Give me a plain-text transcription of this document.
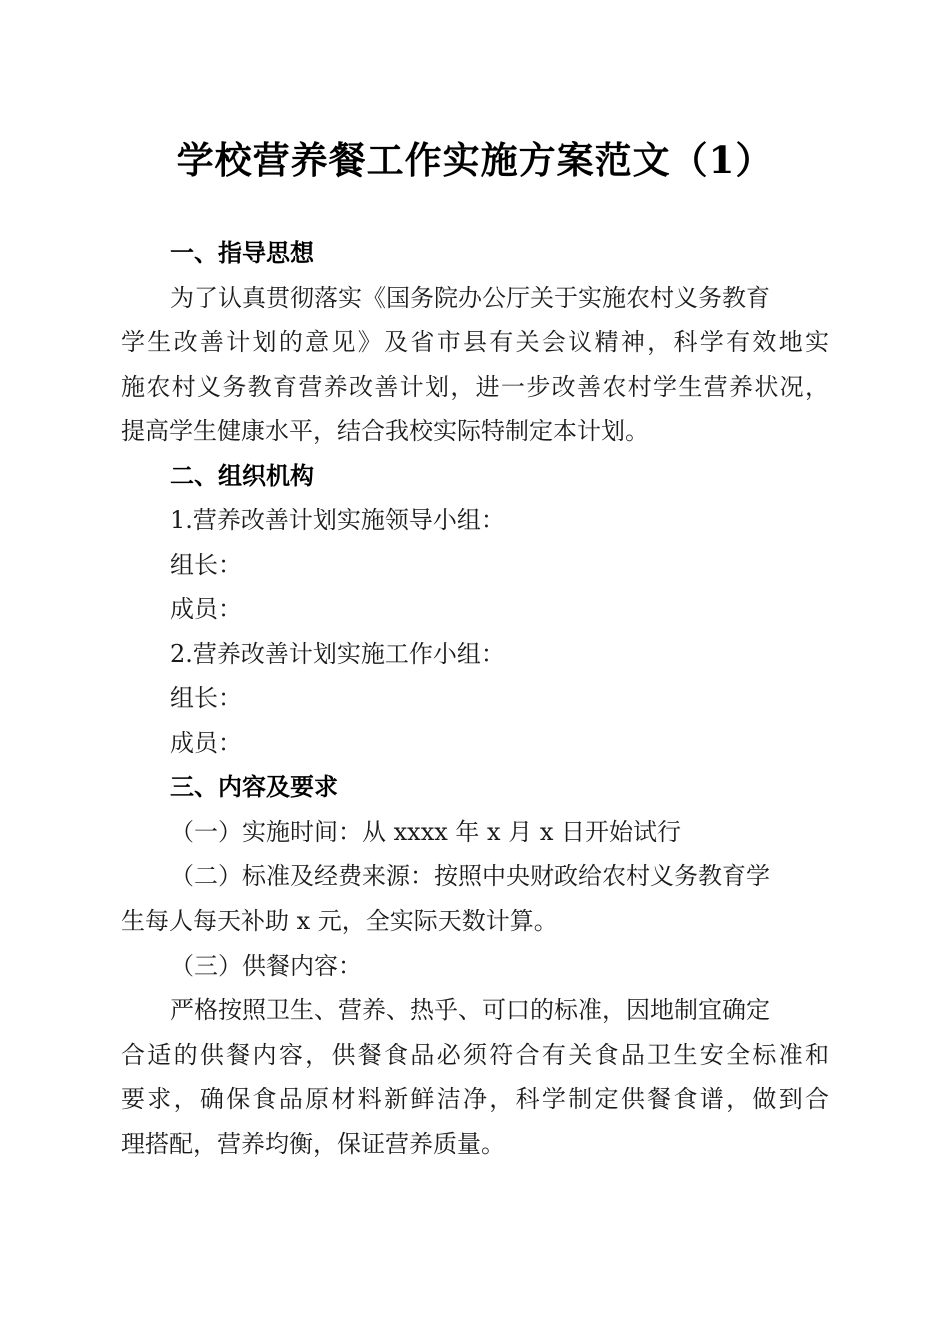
学校营养餐工作实施方案范文（1）
一、指导思想
为了认真贯彻落实《国务院办公厅关于实施农村义务教育
学生改善计划的意见》及省市县有关会议精神，科学有效地实
施农村义务教育营养改善计划，进一步改善农村学生营养状况，
提高学生健康水平，结合我校实际特制定本计划。
二、组织机构
1.营养改善计划实施领导小组：
组长：
成员：
2.营养改善计划实施工作小组：
组长：
成员：
三、内容及要求
（一）实施时间：从 xxxx 年 x 月 x 日开始试行
（二）标准及经费来源：按照中央财政给农村义务教育学
生每人每天补助 x 元，全实际天数计算。
（三）供餐内容：
严格按照卫生、营养、热乎、可口的标准，因地制宜确定
合适的供餐内容，供餐食品必须符合有关食品卫生安全标准和
要求，确保食品原材料新鲜洁净，科学制定供餐食谱，做到合
理搭配，营养均衡，保证营养质量。
